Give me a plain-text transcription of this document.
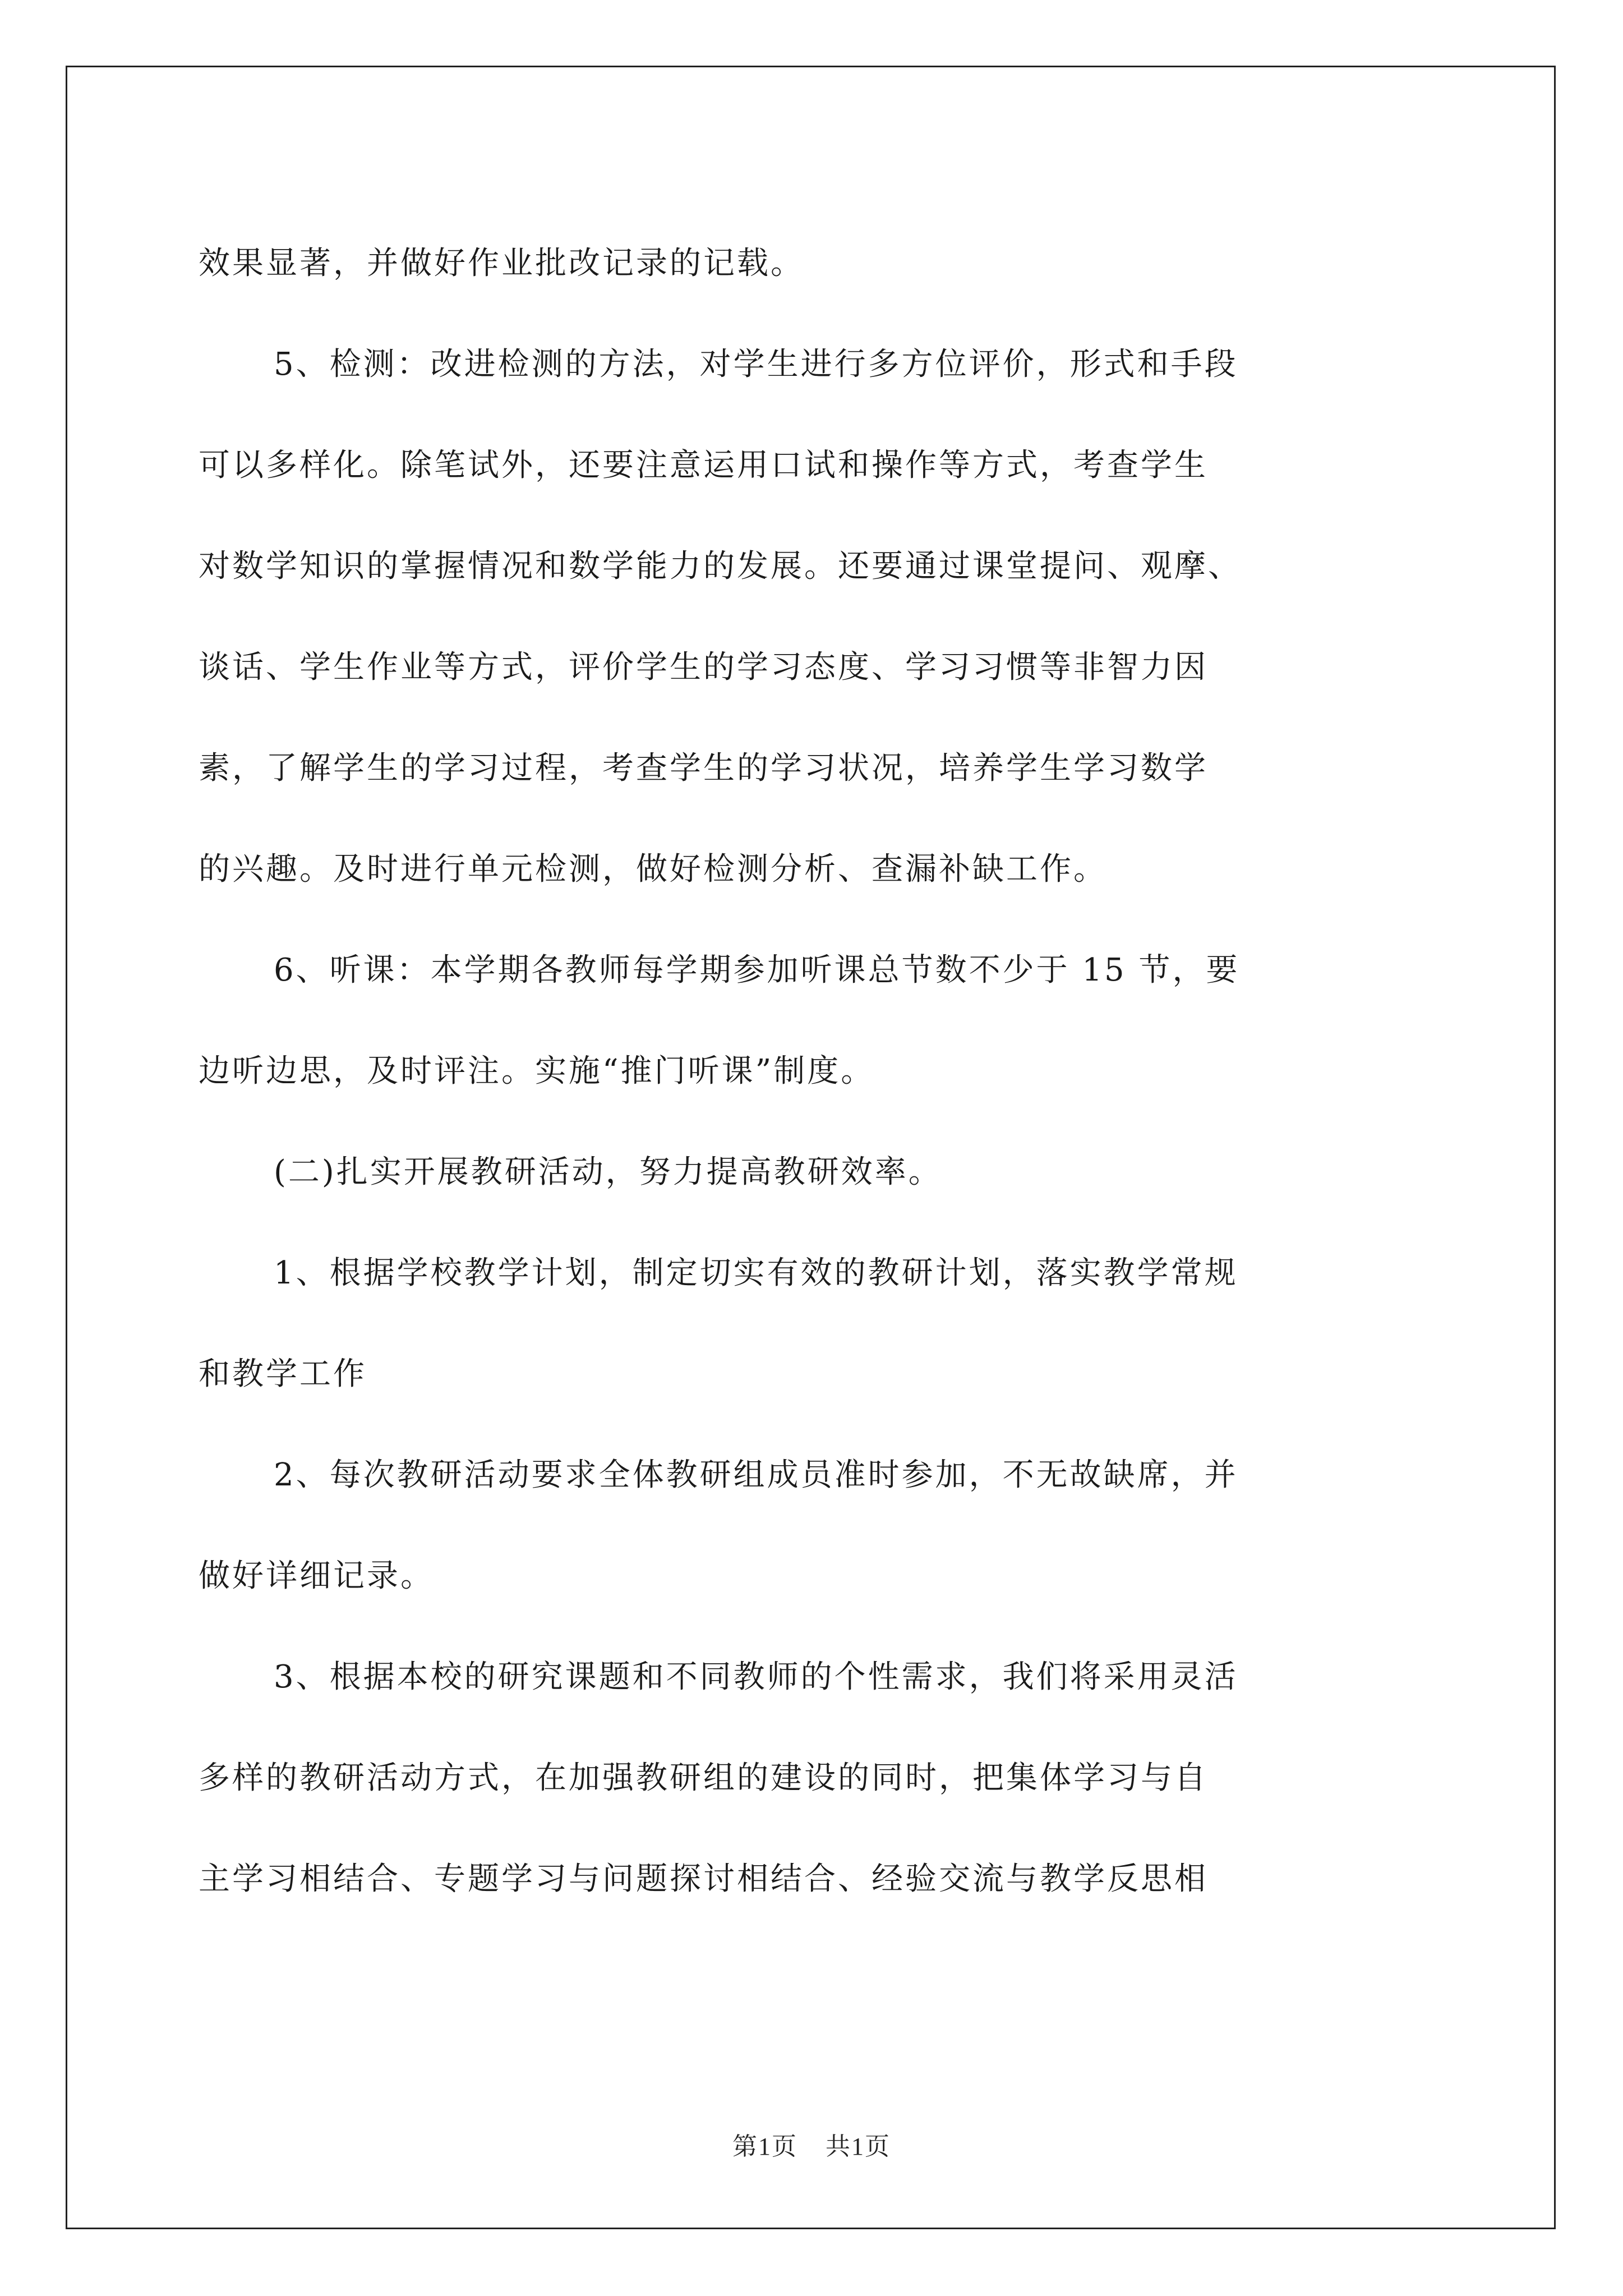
效果显著，并做好作业批改记录的记载。
5、检测：改进检测的方法，对学生进行多方位评价，形式和手段
可以多样化。除笔试外，还要注意运用口试和操作等方式，考查学生
对数学知识的掌握情况和数学能力的发展。还要通过课堂提问、观摩、
谈话、学生作业等方式，评价学生的学习态度、学习习惯等非智力因
素，了解学生的学习过程，考查学生的学习状况，培养学生学习数学
的兴趣。及时进行单元检测，做好检测分析、查漏补缺工作。
6、听课：本学期各教师每学期参加听课总节数不少于 15 节，要
边听边思，及时评注。实施“推门听课”制度。
(二)扎实开展教研活动，努力提高教研效率。
1、根据学校教学计划，制定切实有效的教研计划，落实教学常规
和教学工作
2、每次教研活动要求全体教研组成员准时参加，不无故缺席，并
做好详细记录。
3、根据本校的研究课题和不同教师的个性需求，我们将采用灵活
多样的教研活动方式，在加强教研组的建设的同时，把集体学习与自
主学习相结合、专题学习与问题探讨相结合、经验交流与教学反思相
第1页 共1页
